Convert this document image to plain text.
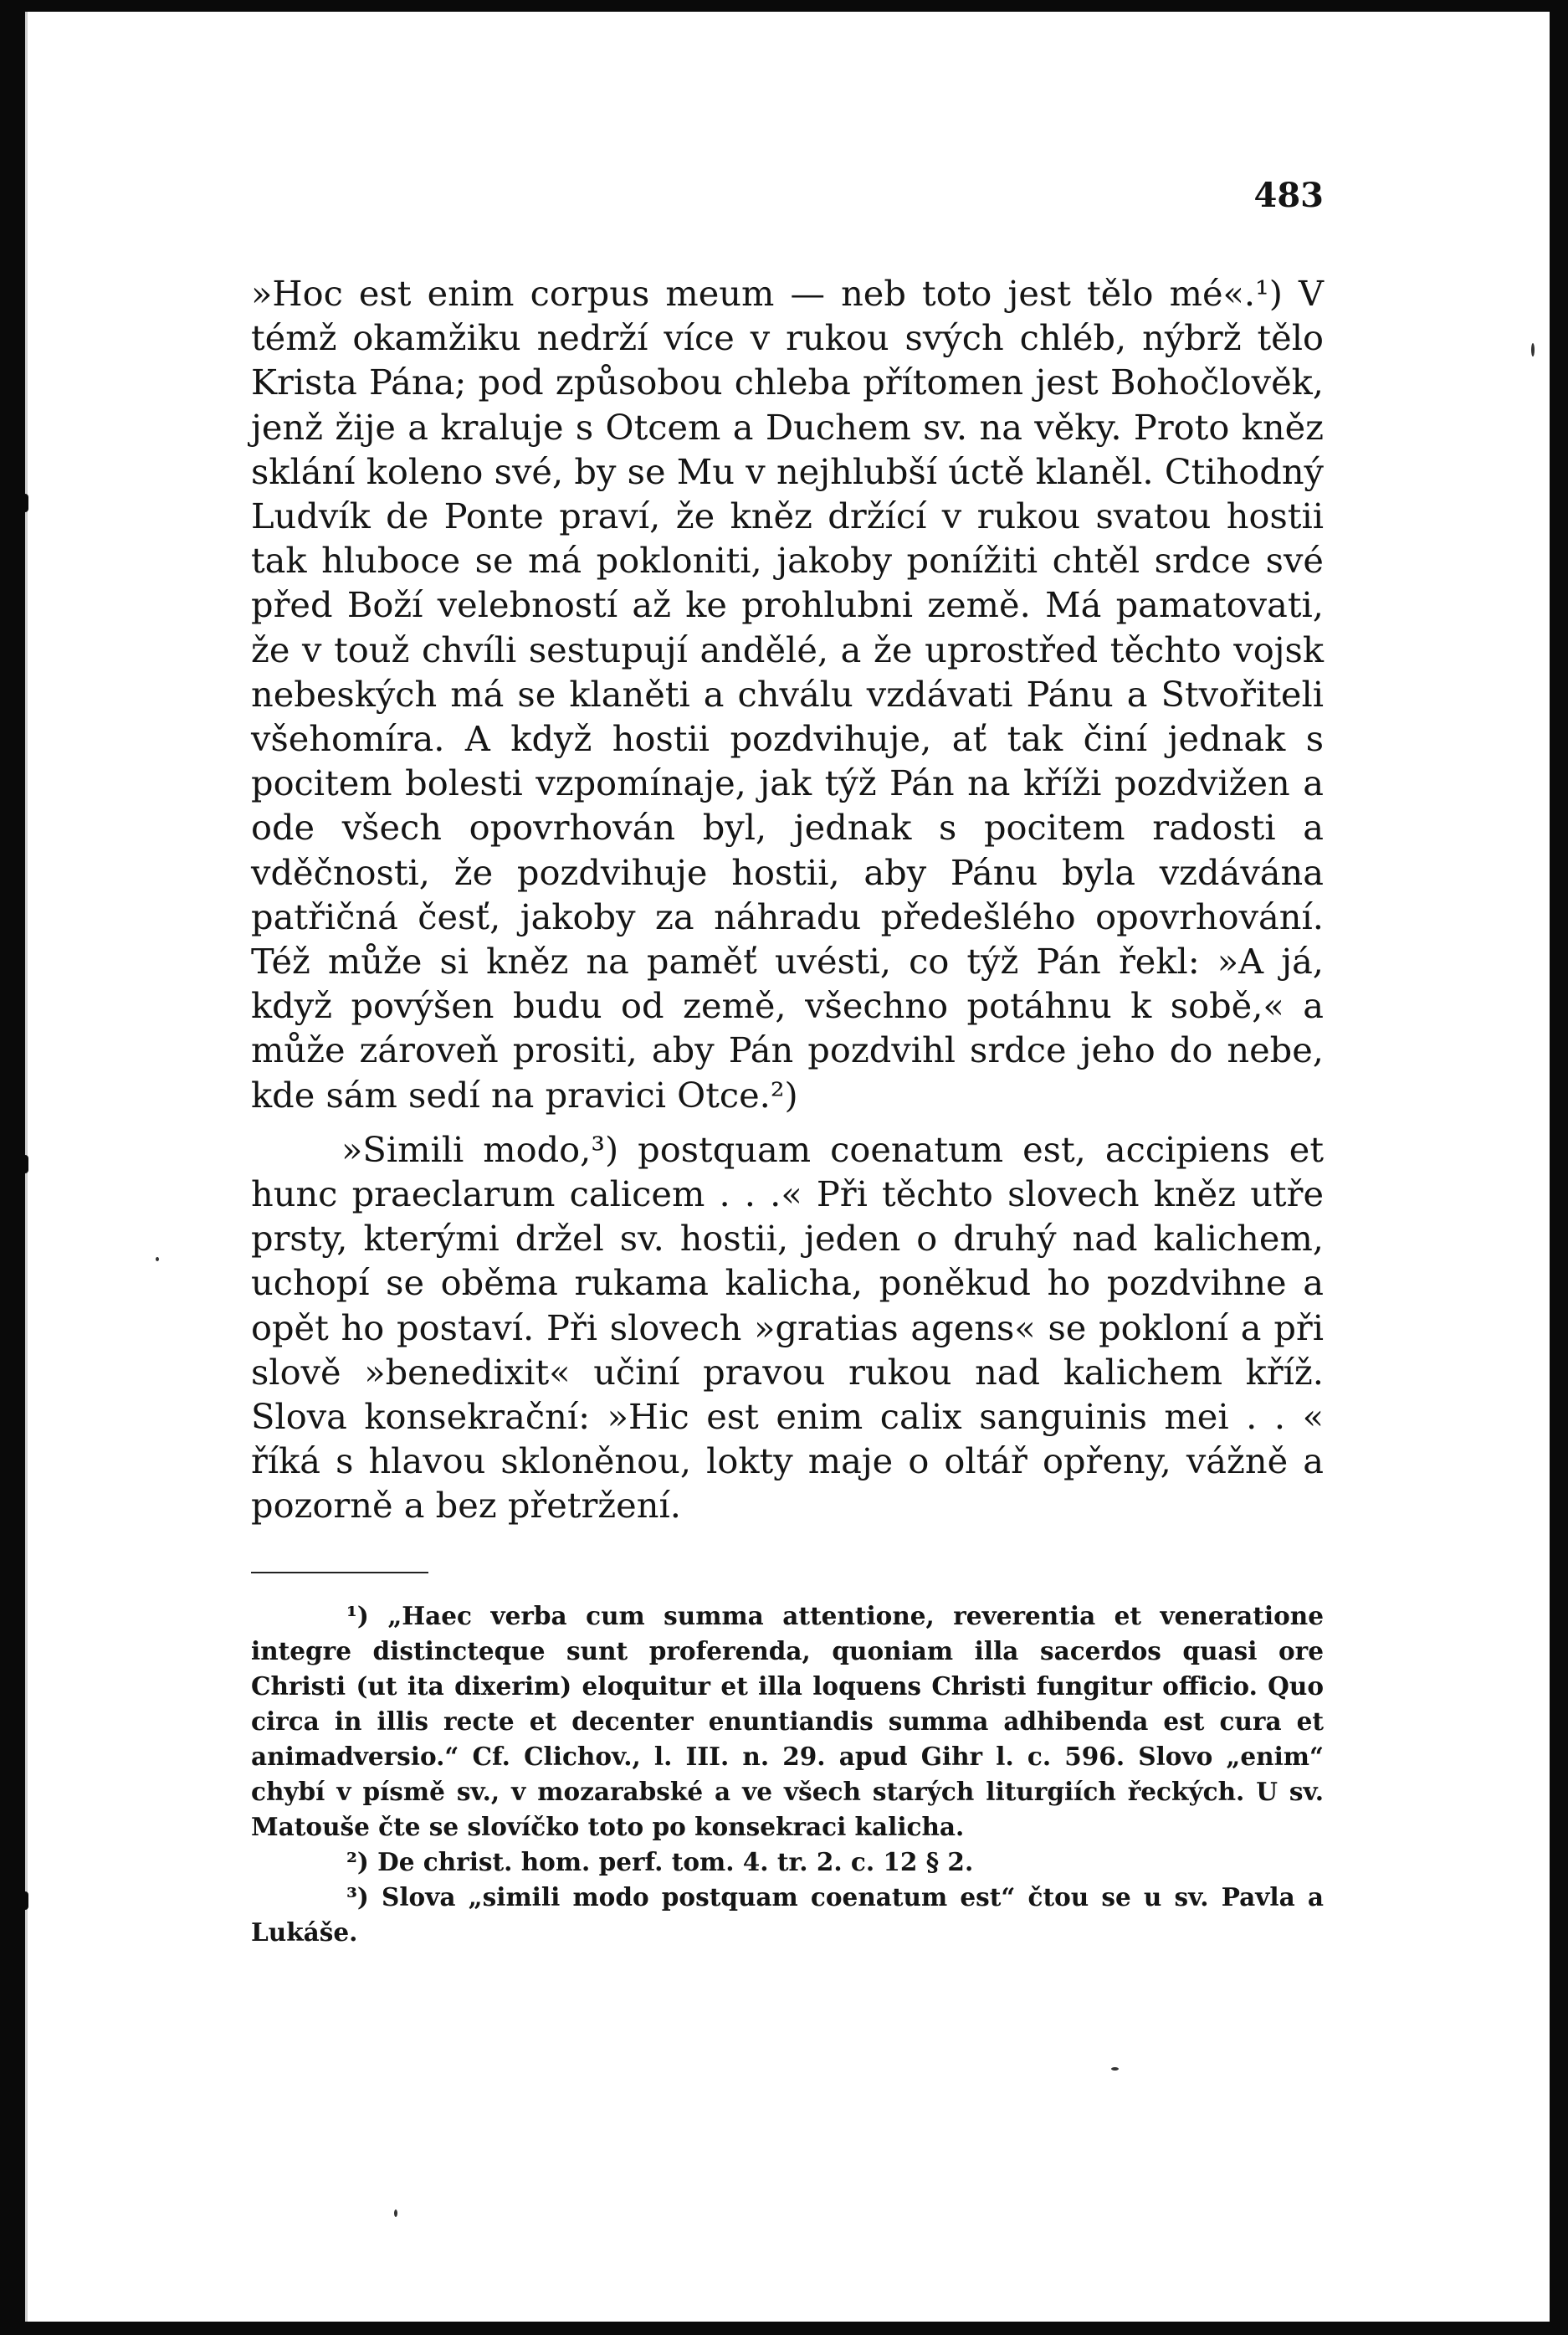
483

»Hoc est enim corpus meum — neb toto jest tělo mé«.¹) V témž okamžiku nedrží více v rukou svých chléb, nýbrž tělo Krista Pána; pod způsobou chleba přítomen jest Bohočlověk, jenž žije a kraluje s Otcem a Duchem sv. na věky. Proto kněz sklání koleno své, by se Mu v nejhlubší úctě klaněl. Ctihodný Ludvík de Ponte praví, že kněz držící v rukou svatou hostii tak hluboce se má pokloniti, jakoby ponížiti chtěl srdce své před Boží velebností až ke prohlubni země. Má pamatovati, že v touž chvíli sestupují andělé, a že uprostřed těchto vojsk nebeských má se klaněti a chválu vzdávati Pánu a Stvořiteli všehomíra. A když hostii pozdvihuje, ať tak činí jednak s pocitem bolesti vzpomínaje, jak týž Pán na kříži pozdvižen a ode všech opovrhován byl, jednak s pocitem radosti a vděčnosti, že pozdvihuje hostii, aby Pánu byla vzdávána patřičná česť, jakoby za náhradu předešlého opovrhování. Též může si kněz na paměť uvésti, co týž Pán řekl: »A já, když povýšen budu od země, všechno potáhnu k sobě,« a může zároveň prositi, aby Pán pozdvihl srdce jeho do nebe, kde sám sedí na pravici Otce.²)

»Simili modo,³) postquam coenatum est, accipiens et hunc praeclarum calicem . . .« Při těchto slovech kněz utře prsty, kterými držel sv. hostii, jeden o druhý nad kalichem, uchopí se oběma rukama kalicha, poněkud ho pozdvihne a opět ho postaví. Při slovech »gratias agens« se pokloní a při slově »benedixit« učiní pravou rukou nad kalichem kříž. Slova konsekrační: »Hic est enim calix sanguinis mei . . « říká s hlavou skloněnou, lokty maje o oltář opřeny, vážně a pozorně a bez přetržení.

¹) „Haec verba cum summa attentione, reverentia et veneratione integre distincteque sunt proferenda, quoniam illa sacerdos quasi ore Christi (ut ita dixerim) eloquitur et illa loquens Christi fungitur officio. Quo circa in illis recte et decenter enuntiandis summa adhibenda est cura et animadversio.“ Cf. Clichov., l. III. n. 29. apud Gihr l. c. 596. Slovo „enim“ chybí v písmě sv., v mozarabské a ve všech starých liturgiích řeckých. U sv. Matouše čte se slovíčko toto po konsekraci kalicha.

²) De christ. hom. perf. tom. 4. tr. 2. c. 12 § 2.

³) Slova „simili modo postquam coenatum est“ čtou se u sv. Pavla a Lukáše.
